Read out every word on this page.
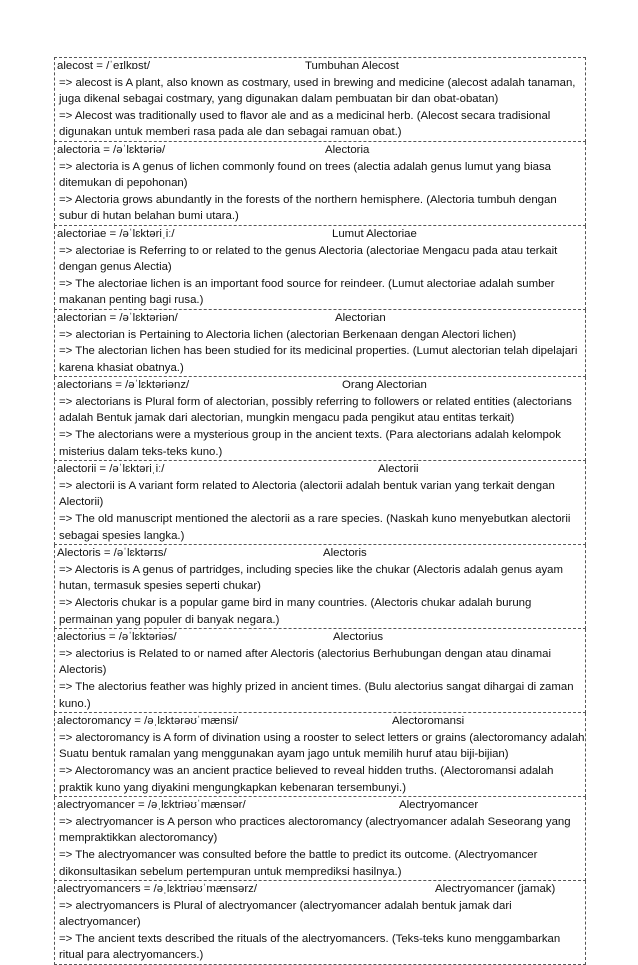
alecost = /ˈeɪlkɒst/	Tumbuhan Alecost
=> alecost is A plant, also known as costmary, used in brewing and medicine (alecost adalah tanaman, juga dikenal sebagai costmary, yang digunakan dalam pembuatan bir dan obat-obatan)
=> Alecost was traditionally used to flavor ale and as a medicinal herb. (Alecost secara tradisional digunakan untuk memberi rasa pada ale dan sebagai ramuan obat.)
alectoria = /əˈlɛktəriə/	Alectoria
=> alectoria is A genus of lichen commonly found on trees (alectia adalah genus lumut yang biasa ditemukan di pepohonan)
=> Alectoria grows abundantly in the forests of the northern hemisphere. (Alectoria tumbuh dengan subur di hutan belahan bumi utara.)
alectoriae = /əˈlɛktəriˌiː/	Lumut Alectoriae
=> alectoriae is Referring to or related to the genus Alectoria (alectoriae Mengacu pada atau terkait dengan genus Alectia)
=> The alectoriae lichen is an important food source for reindeer. (Lumut alectoriae adalah sumber makanan penting bagi rusa.)
alectorian = /əˈlɛktəriən/	Alectorian
=> alectorian is Pertaining to Alectoria lichen (alectorian Berkenaan dengan Alectori lichen)
=> The alectorian lichen has been studied for its medicinal properties. (Lumut alectorian telah dipelajari karena khasiat obatnya.)
alectorians = /əˈlɛktəriənz/	Orang Alectorian
=> alectorians is Plural form of alectorian, possibly referring to followers or related entities (alectorians adalah Bentuk jamak dari alectorian, mungkin mengacu pada pengikut atau entitas terkait)
=> The alectorians were a mysterious group in the ancient texts. (Para alectorians adalah kelompok misterius dalam teks-teks kuno.)
alectorii = /əˈlɛktəriˌiː/	Alectorii
=> alectorii is A variant form related to Alectoria (alectorii adalah bentuk varian yang terkait dengan Alectorii)
=> The old manuscript mentioned the alectorii as a rare species. (Naskah kuno menyebutkan alectorii sebagai spesies langka.)
Alectoris = /əˈlɛktərɪs/	Alectoris
=> Alectoris is A genus of partridges, including species like the chukar (Alectoris adalah genus ayam hutan, termasuk spesies seperti chukar)
=> Alectoris chukar is a popular game bird in many countries. (Alectoris chukar adalah burung permainan yang populer di banyak negara.)
alectorius = /əˈlɛktəriəs/	Alectorius
=> alectorius is Related to or named after Alectoris (alectorius Berhubungan dengan atau dinamai Alectoris)
=> The alectorius feather was highly prized in ancient times. (Bulu alectorius sangat dihargai di zaman kuno.)
alectoromancy = /əˌlɛktərəʊˈmænsi/	Alectoromansi
=> alectoromancy is A form of divination using a rooster to select letters or grains (alectoromancy adalah Suatu bentuk ramalan yang menggunakan ayam jago untuk memilih huruf atau biji-bijian)
=> Alectoromancy was an ancient practice believed to reveal hidden truths. (Alectoromansi adalah praktik kuno yang diyakini mengungkapkan kebenaran tersembunyi.)
alectryomancer = /əˌlɛktriəʊˈmænsər/	Alectryomancer
=> alectryomancer is A person who practices alectoromancy (alectryomancer adalah Seseorang yang mempraktikkan alectoromancy)
=> The alectryomancer was consulted before the battle to predict its outcome. (Alectryomancer dikonsultasikan sebelum pertempuran untuk memprediksi hasilnya.)
alectryomancers = /əˌlɛktriəʊˈmænsərz/	Alectryomancer (jamak)
=> alectryomancers is Plural of alectryomancer (alectryomancer adalah bentuk jamak dari alectryomancer)
=> The ancient texts described the rituals of the alectryomancers. (Teks-teks kuno menggambarkan ritual para alectryomancers.)
